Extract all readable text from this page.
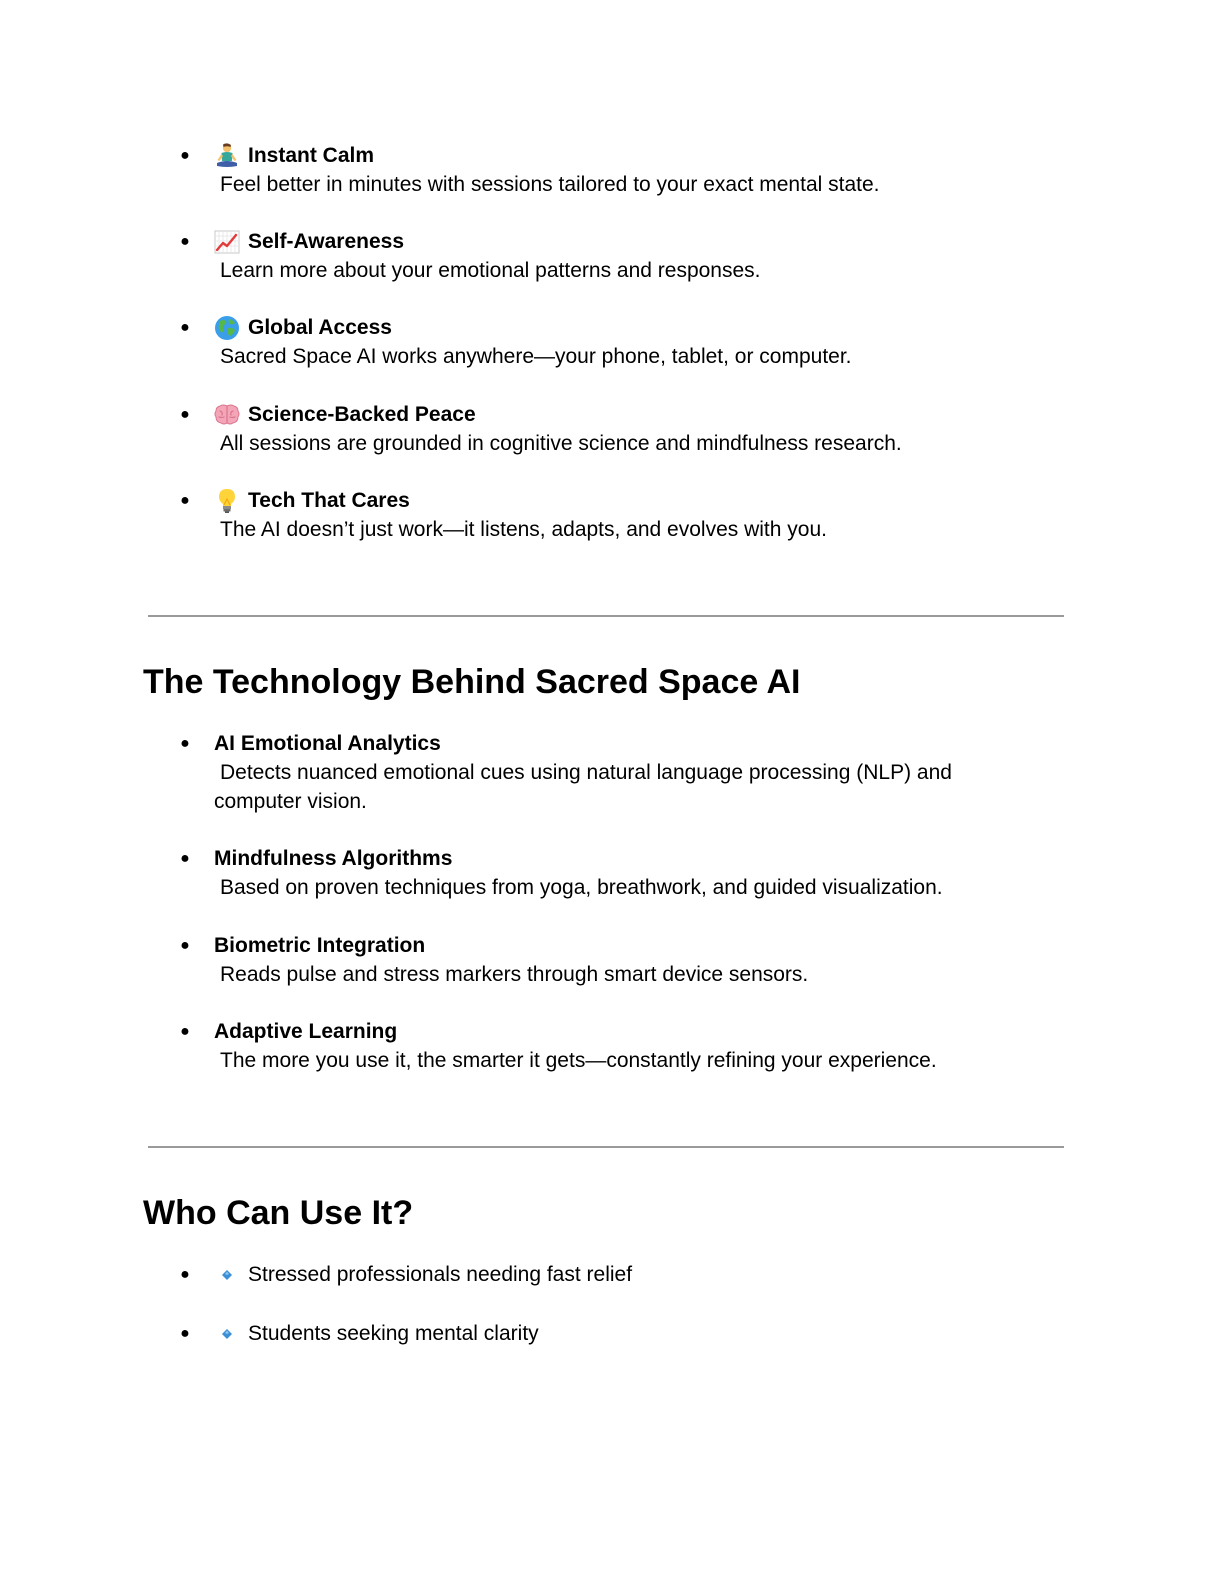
●	Instant Calm
Feel better in minutes with sessions tailored to your exact mental state.
●	Self-Awareness
Learn more about your emotional patterns and responses.
●	Global Access
Sacred Space AI works anywhere—your phone, tablet, or computer.
●	Science-Backed Peace
All sessions are grounded in cognitive science and mindfulness research.
●	Tech That Cares
The AI doesn’t just work—it listens, adapts, and evolves with you.
The Technology Behind Sacred Space AI
● AI Emotional Analytics
Detects nuanced emotional cues using natural language processing (NLP) and computer vision.
● Mindfulness Algorithms
Based on proven techniques from yoga, breathwork, and guided visualization.
● Biometric Integration
Reads pulse and stress markers through smart device sensors.
● Adaptive Learning
The more you use it, the smarter it gets—constantly refining your experience.
Who Can Use It?
●	Stressed professionals needing fast relief
●	Students seeking mental clarity
